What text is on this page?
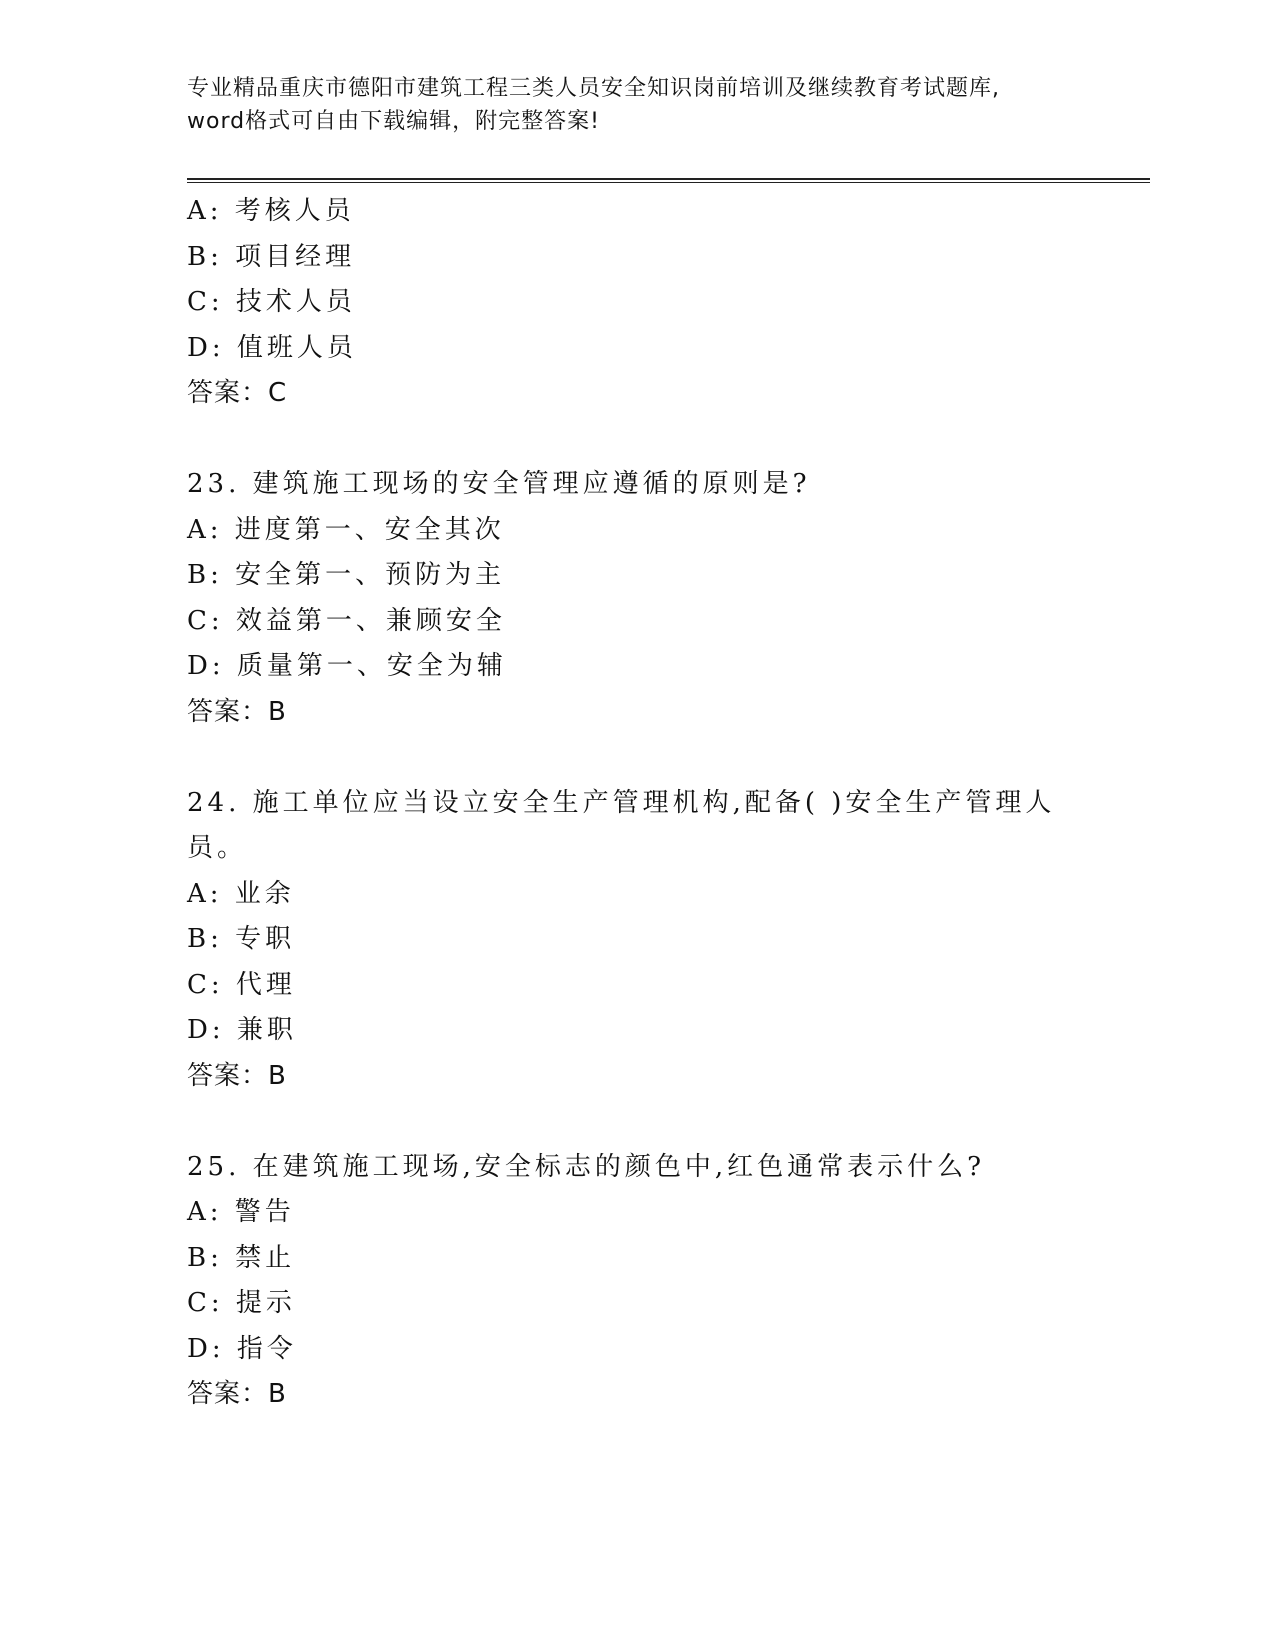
专业精品重庆市德阳市建筑工程三类人员安全知识岗前培训及继续教育考试题库,
word格式可自由下载编辑，附完整答案!
A: 考核人员
B: 项目经理
C: 技术人员
D: 值班人员
答案：C
23. 建筑施工现场的安全管理应遵循的原则是?
A: 进度第一、安全其次
B: 安全第一、预防为主
C: 效益第一、兼顾安全
D: 质量第一、安全为辅
答案：B
24. 施工单位应当设立安全生产管理机构,配备( )安全生产管理人员。
A: 业余
B: 专职
C: 代理
D: 兼职
答案：B
25. 在建筑施工现场,安全标志的颜色中,红色通常表示什么?
A: 警告
B: 禁止
C: 提示
D: 指令
答案：B
